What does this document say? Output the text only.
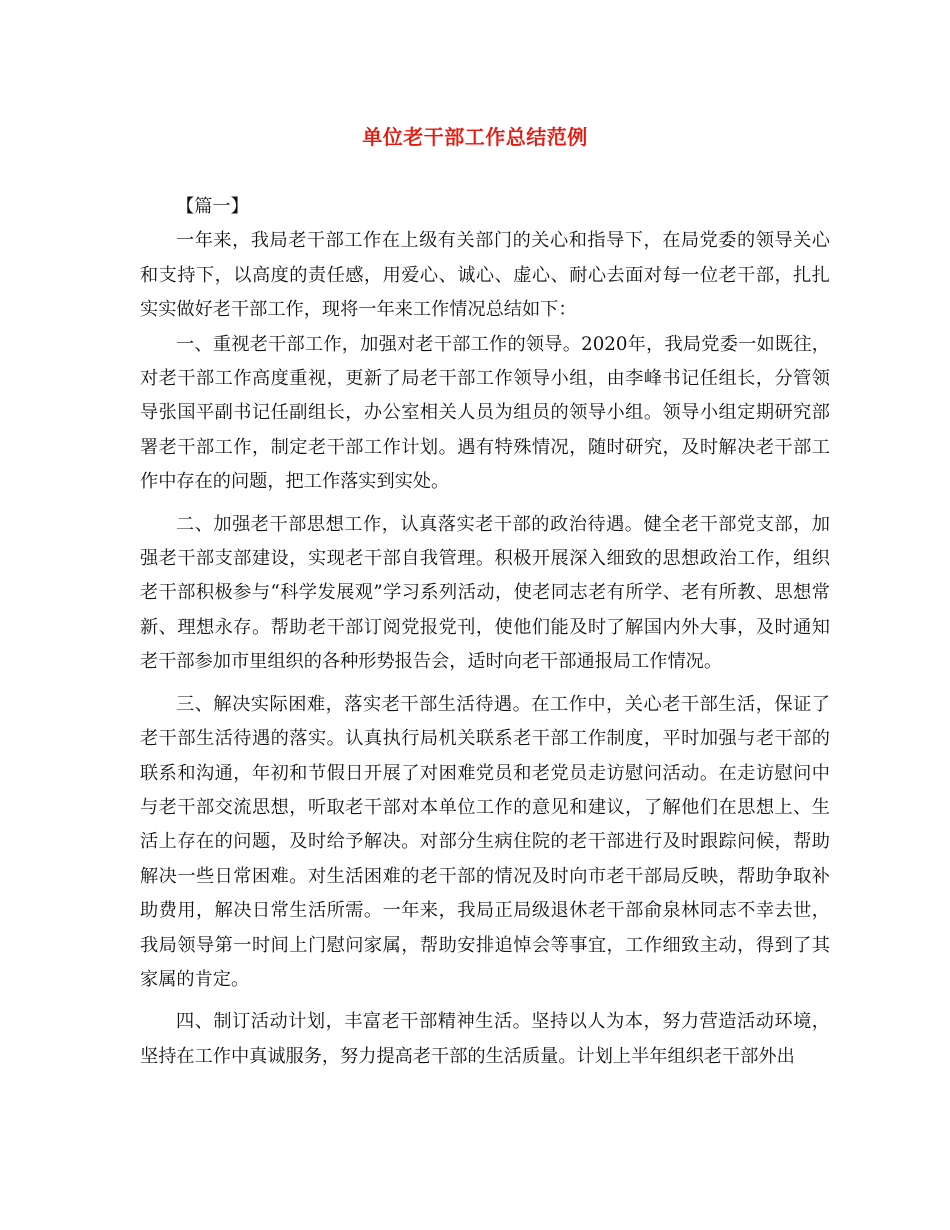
单位老干部工作总结范例

【篇一】

一年来，我局老干部工作在上级有关部门的关心和指导下，在局党委的领导关心和支持下，以高度的责任感，用爱心、诚心、虚心、耐心去面对每一位老干部，扎扎实实做好老干部工作，现将一年来工作情况总结如下：

一、重视老干部工作，加强对老干部工作的领导。2020年，我局党委一如既往，对老干部工作高度重视，更新了局老干部工作领导小组，由李峰书记任组长，分管领导张国平副书记任副组长，办公室相关人员为组员的领导小组。领导小组定期研究部署老干部工作，制定老干部工作计划。遇有特殊情况，随时研究，及时解决老干部工作中存在的问题，把工作落实到实处。

二、加强老干部思想工作，认真落实老干部的政治待遇。健全老干部党支部，加强老干部支部建设，实现老干部自我管理。积极开展深入细致的思想政治工作，组织老干部积极参与“科学发展观”学习系列活动，使老同志老有所学、老有所教、思想常新、理想永存。帮助老干部订阅党报党刊，使他们能及时了解国内外大事，及时通知老干部参加市里组织的各种形势报告会，适时向老干部通报局工作情况。

三、解决实际困难，落实老干部生活待遇。在工作中，关心老干部生活，保证了老干部生活待遇的落实。认真执行局机关联系老干部工作制度，平时加强与老干部的联系和沟通，年初和节假日开展了对困难党员和老党员走访慰问活动。在走访慰问中与老干部交流思想，听取老干部对本单位工作的意见和建议，了解他们在思想上、生活上存在的问题，及时给予解决。对部分生病住院的老干部进行及时跟踪问候，帮助解决一些日常困难。对生活困难的老干部的情况及时向市老干部局反映，帮助争取补助费用，解决日常生活所需。一年来，我局正局级退休老干部俞泉林同志不幸去世，我局领导第一时间上门慰问家属，帮助安排追悼会等事宜，工作细致主动，得到了其家属的肯定。

四、制订活动计划，丰富老干部精神生活。坚持以人为本，努力营造活动环境，坚持在工作中真诚服务，努力提高老干部的生活质量。计划上半年组织老干部外出
